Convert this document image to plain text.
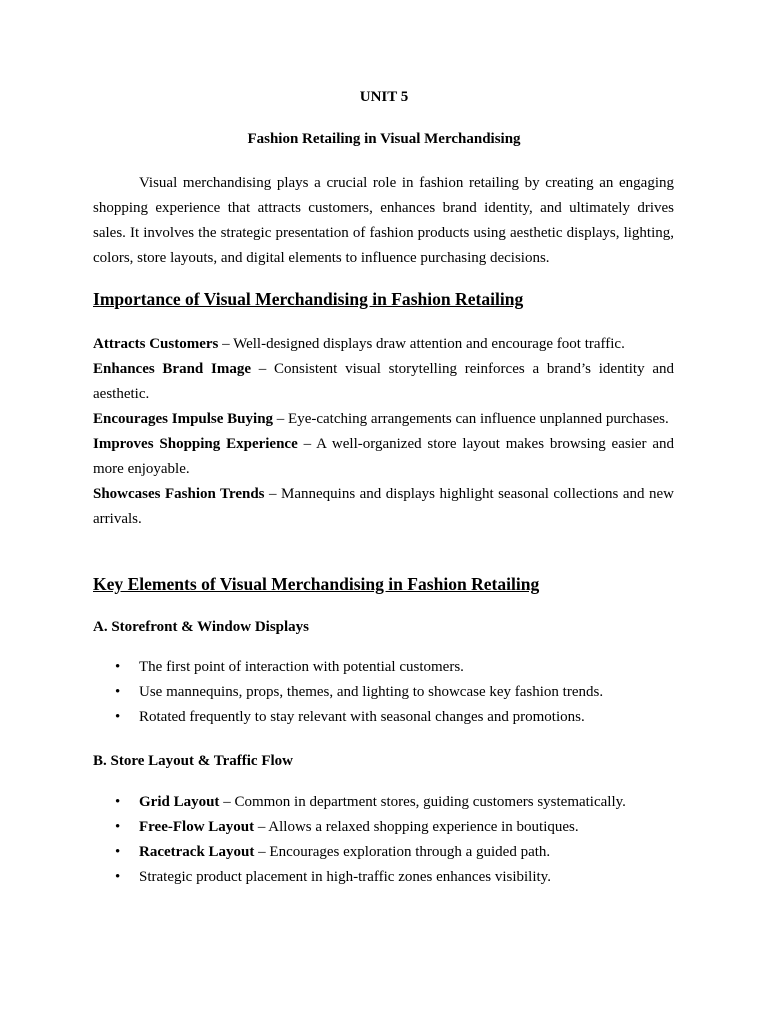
UNIT 5
Fashion Retailing in Visual Merchandising

Visual merchandising plays a crucial role in fashion retailing by creating an engaging shopping experience that attracts customers, enhances brand identity, and ultimately drives sales. It involves the strategic presentation of fashion products using aesthetic displays, lighting, colors, store layouts, and digital elements to influence purchasing decisions.

Importance of Visual Merchandising in Fashion Retailing

Attracts Customers – Well-designed displays draw attention and encourage foot traffic.

Enhances Brand Image – Consistent visual storytelling reinforces a brand’s identity and aesthetic.

Encourages Impulse Buying – Eye-catching arrangements can influence unplanned purchases.

Improves Shopping Experience – A well-organized store layout makes browsing easier and more enjoyable.

Showcases Fashion Trends – Mannequins and displays highlight seasonal collections and new arrivals.

Key Elements of Visual Merchandising in Fashion Retailing
A. Storefront & Window Displays
• The first point of interaction with potential customers.
• Use mannequins, props, themes, and lighting to showcase key fashion trends.
• Rotated frequently to stay relevant with seasonal changes and promotions.
B. Store Layout & Traffic Flow
• Grid Layout – Common in department stores, guiding customers systematically.
• Free-Flow Layout – Allows a relaxed shopping experience in boutiques.
• Racetrack Layout – Encourages exploration through a guided path.
• Strategic product placement in high-traffic zones enhances visibility.
